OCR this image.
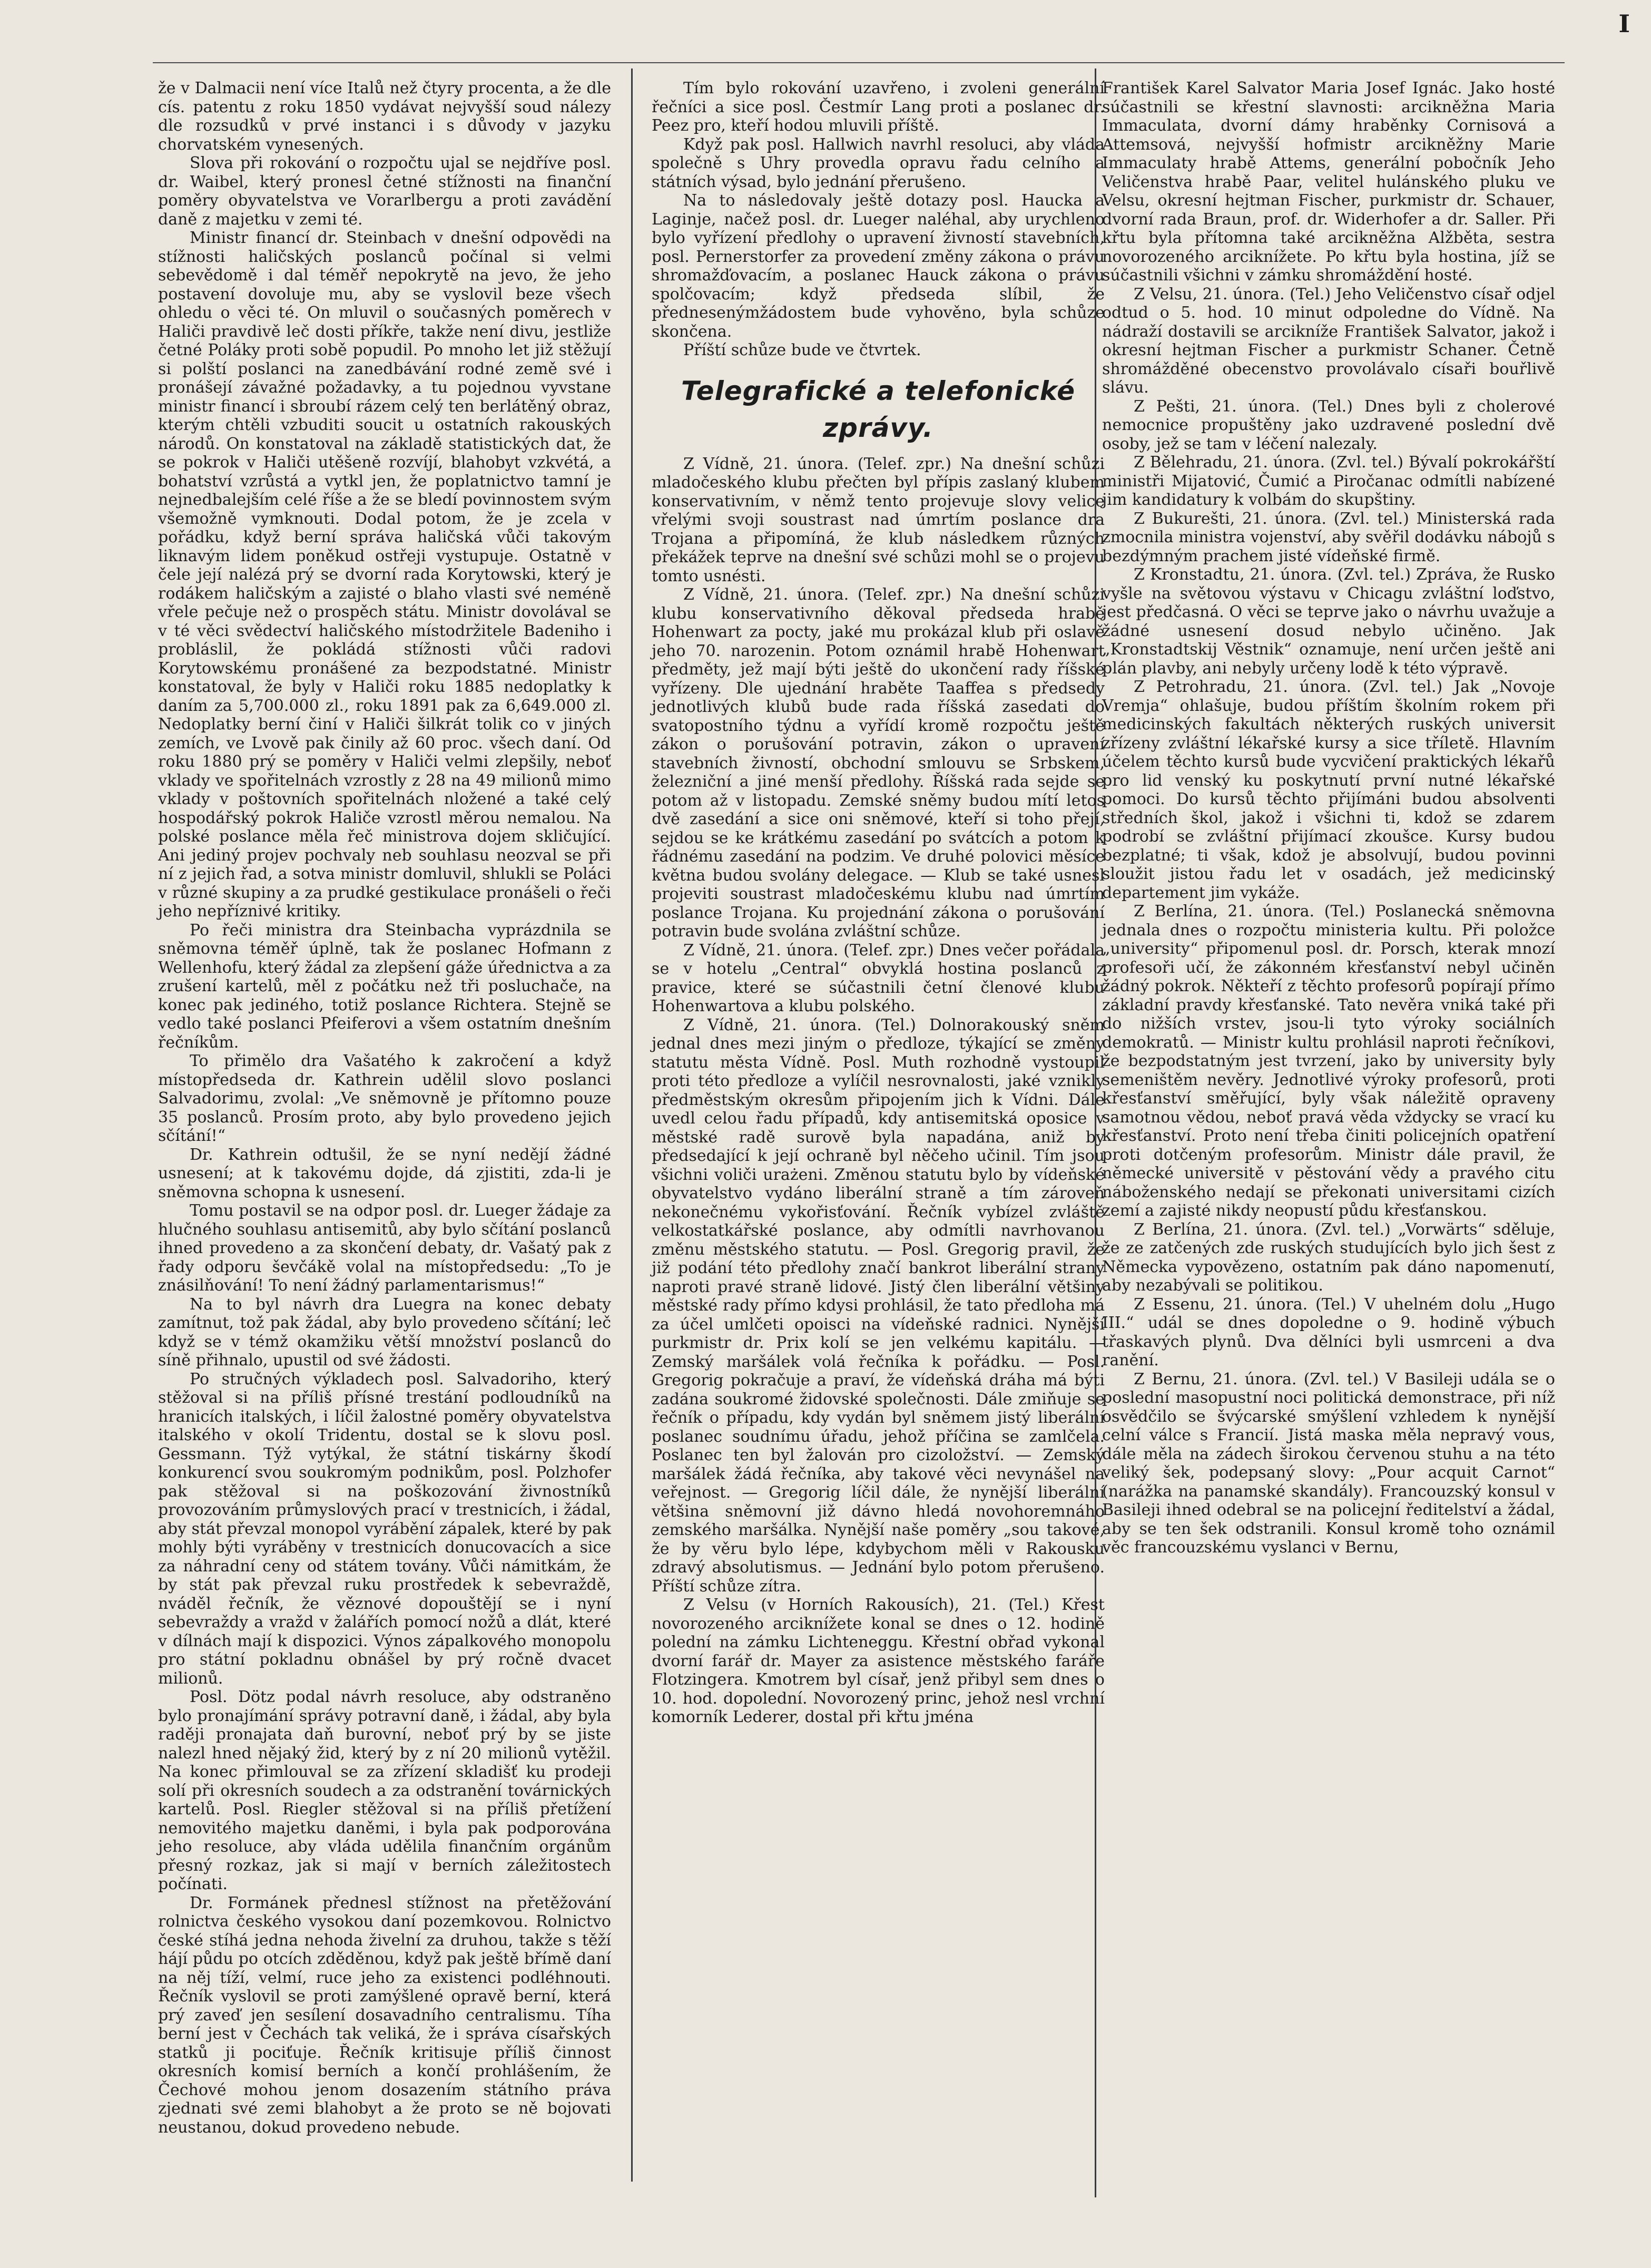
I

že v Dalmacii není více Italů než čtyry procenta, a že dle cís. patentu z roku 1850 vydávat nejvyšší soud nálezy dle rozsudků v prvé instanci i s důvody v jazyku chorvatském vynesených.

Slova při rokování o rozpočtu ujal se nejdříve posl. dr. Waibel, který pronesl četné stížnosti na finanční poměry obyvatelstva ve Vorarlbergu a proti zavádění daně z majetku v zemi té.

Ministr financí dr. Steinbach v dnešní odpovědi na stížnosti haličských poslanců počínal si velmi sebevědomě i dal téměř nepokrytě na jevo, že jeho postavení dovoluje mu, aby se vyslovil beze všech ohledu o věci té. On mluvil o současných poměrech v Haliči pravdivě leč dosti příkře, takže není divu, jestliže četné Poláky proti sobě popudil. Po mnoho let již stěžují si polští poslanci na zanedbávání rodné země své i pronášejí závažné požadavky, a tu pojednou vyvstane ministr financí i sbroubí rázem celý ten berlátěný obraz, kterým chtěli vzbuditi soucit u ostatních rakouských národů. On konstatoval na základě statistických dat, že se pokrok v Haliči utěšeně rozvíjí, blahobyt vzkvétá, a bohatství vzrůstá a vytkl jen, že poplatnictvo tamní je nejnedbalejším celé říše a že se bledí povinnostem svým všemožně vymknouti. Dodal potom, že je zcela v pořádku, když berní správa haličská vůči takovým liknavým lidem poněkud ostřeji vystupuje. Ostatně v čele její nalézá prý se dvorní rada Korytowski, který je rodákem haličským a zajisté o blaho vlasti své neméně vřele pečuje než o prospěch státu. Ministr dovolával se v té věci svědectví haličského místodržitele Badeniho i probláslil, že pokládá stížnosti vůči radovi Korytowskému pronášené za bezpodstatné. Ministr konstatoval, že byly v Haliči roku 1885 nedoplatky k daním za 5,700.000 zl., roku 1891 pak za 6,649.000 zl. Nedoplatky berní činí v Haliči šilkrát tolik co v jiných zemích, ve Lvově pak činily až 60 proc. všech daní. Od roku 1880 prý se poměry v Haliči velmi zlepšily, neboť vklady ve spořitelnách vzrostly z 28 na 49 milionů mimo vklady v poštovních spořitelnách nložené a také celý hospodářský pokrok Haliče vzrostl měrou nemalou. Na polské poslance měla řeč ministrova dojem skličující. Ani jediný projev pochvaly neb souhlasu neozval se při ní z jejich řad, a sotva ministr domluvil, shlukli se Poláci v různé skupiny a za prudké gestikulace pronášeli o řeči jeho nepříznivé kritiky.

Po řeči ministra dra Steinbacha vyprázdnila se sněmovna téměř úplně, tak že poslanec Hofmann z Wellenhofu, který žádal za zlepšení gáže úřednictva a za zrušení kartelů, měl z počátku než tři posluchače, na konec pak jediného, totiž poslance Richtera. Stejně se vedlo také poslanci Pfeiferovi a všem ostatním dnešním řečníkům.

To přimělo dra Vašatého k zakročení a když místopředseda dr. Kathrein udělil slovo poslanci Salvadorimu, zvolal: „Ve sněmovně je přítomno pouze 35 poslanců. Prosím proto, aby bylo provedeno jejich sčítání!“

Dr. Kathrein odtušil, že se nyní nedějí žádné usnesení; at k takovému dojde, dá zjistiti, zda-li je sněmovna schopna k usnesení.

Tomu postavil se na odpor posl. dr. Lueger žádaje za hlučného souhlasu antisemitů, aby bylo sčítání poslanců ihned provedeno a za skončení debaty, dr. Vašatý pak z řady odporu ševčákě volal na místopředsedu: „To je znásilňování! To není žádný parlamentarismus!“

Na to byl návrh dra Luegra na konec debaty zamítnut, tož pak žádal, aby bylo provedeno sčítání; leč když se v témž okamžiku větší množství poslanců do síně přihnalo, upustil od své žádosti.

Po stručných výkladech posl. Salvadoriho, který stěžoval si na příliš přísné trestání podloudníků na hranicích italských, i líčil žalostné poměry obyvatelstva italského v okolí Tridentu, dostal se k slovu posl. Gessmann. Týž vytýkal, že státní tiskárny škodí konkurencí svou soukromým podnikům, posl. Polzhofer pak stěžoval si na poškozování živnostníků provozováním průmyslových prací v trestnicích, i žádal, aby stát převzal monopol vyrábění zápalek, které by pak mohly býti vyráběny v trestnicích donucovacích a sice za náhradní ceny od státem továny. Vůči námitkám, že by stát pak převzal ruku prostředek k sebevraždě, nváděl řečník, že věznové dopouštějí se i nyní sebevraždy a vražd v žalářích pomocí nožů a dlát, které v dílnách mají k dispozici. Výnos zápalkového monopolu pro státní pokladnu obnášel by prý ročně dvacet milionů.

Posl. Dötz podal návrh resoluce, aby odstraněno bylo pronajímání správy potravní daně, i žádal, aby byla raději pronajata daň burovní, neboť prý by se jiste nalezl hned nějaký žid, který by z ní 20 milionů vytěžil. Na konec přimlouval se za zřízení skladišť ku prodeji solí při okresních soudech a za odstranění továrnických kartelů. Posl. Riegler stěžoval si na příliš přetížení nemovitého majetku daněmi, i byla pak podporována jeho resoluce, aby vláda udělila finančním orgánům přesný rozkaz, jak si mají v berních záležitostech počínati.

Dr. Formánek přednesl stížnost na přetěžování rolnictva českého vysokou daní pozemkovou. Rolnictvo české stíhá jedna nehoda živelní za druhou, takže s těží hájí půdu po otcích zděděnou, když pak ještě břímě daní na něj tíží, velmí, ruce jeho za existenci podléhnouti. Řečník vyslovil se proti zamýšlené opravě berní, která prý zaveď jen sesílení dosavadního centralismu. Tíha berní jest v Čechách tak veliká, že i správa císařských statků ji pociťuje. Řečník kritisuje příliš činnost okresních komisí berních a končí prohlášením, že Čechové mohou jenom dosazením státního práva zjednati své zemi blahobyt a že proto se ně bojovati neustanou, dokud provedeno nebude.

Tím bylo rokování uzavřeno, i zvoleni generální řečníci a sice posl. Čestmír Lang proti a poslanec dr. Peez pro, kteří hodou mluvili příště.

Když pak posl. Hallwich navrhl resoluci, aby vláda společně s Uhry provedla opravu řadu celního a státních výsad, bylo jednání přerušeno.

Na to následovaly ještě dotazy posl. Haucka a Laginje, načež posl. dr. Lueger naléhal, aby urychleno bylo vyřízení předlohy o upravení živností stavebních, posl. Pernerstorfer za provedení změny zákona o právu shromažďovacím, a poslanec Hauck zákona o právu spolčovacím; když předseda slíbil, že přednesenýmžádostem bude vyhověno, byla schůze skončena.

Příští schůze bude ve čtvrtek.

Telegrafické a telefonické zprávy.

Z Vídně, 21. února. (Telef. zpr.) Na dnešní schůzi mladočeského klubu přečten byl přípis zaslaný klubem konservativním, v němž tento projevuje slovy velice vřelými svoji soustrast nad úmrtím poslance dra Trojana a připomíná, že klub následkem různých překážek teprve na dnešní své schůzi mohl se o projevu tomto usnésti.

Z Vídně, 21. února. (Telef. zpr.) Na dnešní schůzi klubu konservativního děkoval předseda hrabě Hohenwart za pocty, jaké mu prokázal klub při oslavě jeho 70. narozenin. Potom oznámil hrabě Hohenwart předměty, jež mají býti ještě do ukončení rady říšské vyřízeny. Dle ujednání hraběte Taaffea s předsedy jednotlivých klubů bude rada říšská zasedati do svatopostního týdnu a vyřídí kromě rozpočtu ještě zákon o porušování potravin, zákon o upravení stavebních živností, obchodní smlouvu se Srbskem, železniční a jiné menší předlohy. Říšská rada sejde se potom až v listopadu. Zemské sněmy budou mítí letos dvě zasedání a sice oni sněmové, kteří si toho přejí, sejdou se ke krátkému zasedání po svátcích a potom k řádnému zasedání na podzim. Ve druhé polovici měsíce května budou svolány delegace. — Klub se také usnesl projeviti soustrast mladočeskému klubu nad úmrtím poslance Trojana. Ku projednání zákona o porušování potravin bude svolána zvláštní schůze.

Z Vídně, 21. února. (Telef. zpr.) Dnes večer pořádala se v hotelu „Central“ obvyklá hostina poslanců z pravice, které se súčastnili četní členové klubu Hohenwartova a klubu polského.

Z Vídně, 21. února. (Tel.) Dolnorakouský sněm jednal dnes mezi jiným o předloze, týkající se změny statutu města Vídně. Posl. Muth rozhodně vystoupil proti této předloze a vylíčil nesrovnalosti, jaké vznikly předměstským okresům připojením jich k Vídni. Dále uvedl celou řadu případů, kdy antisemitská oposice v městské radě surově byla napadána, aniž by předsedající k její ochraně byl něčeho učinil. Tím jsou všichni voliči urażeni. Změnou statutu bylo by vídeňské obyvatelstvo vydáno liberální straně a tím zároveň nekonečnému vykořisťování. Řečník vybízel zvláště velkostatkářské poslance, aby odmítli navrhovanou změnu městského statutu. — Posl. Gregorig pravil, že již podání této předlohy značí bankrot liberální strany naproti pravé straně lidové. Jistý člen liberální většiny městské rady přímo kdysi prohlásil, že tato předloha má za účel umlčeti opoisci na vídeňské radnici. Nynější purkmistr dr. Prix kolí se jen velkému kapitálu. — Zemský maršálek volá řečníka k pořádku. — Posl. Gregorig pokračuje a praví, že vídeňská dráha má býti zadána soukromé židovské společnosti. Dále zmiňuje se řečník o případu, kdy vydán byl sněmem jistý liberální poslanec soudnímu úřadu, jehož příčina se zamlčela. Poslanec ten byl žalován pro cizoložství. — Zemský maršálek žádá řečníka, aby takové věci nevynášel na veřejnost. — Gregorig líčil dále, že nynější liberální většina sněmovní již dávno hledá novohoremnáho zemského maršálka. Nynější naše poměry „sou takové, že by věru bylo lépe, kdybychom měli v Rakousku zdravý absolutismus. — Jednání bylo potom přerušeno. Příští schůze zítra.

Z Velsu (v Horních Rakousích), 21. (Tel.) Křest novorozeného arciknížete konal se dnes o 12. hodině polední na zámku Lichteneggu. Křestní obřad vykonal dvorní farář dr. Mayer za asistence městského faráře Flotzingera. Kmotrem byl císař, jenž přibyl sem dnes o 10. hod. dopolední. Novorozený princ, jehož nesl vrchní komorník Lederer, dostal při křtu jména

František Karel Salvator Maria Josef Ignác. Jako hosté súčastnili se křestní slavnosti: arcikněžna Maria Immaculata, dvorní dámy hraběnky Cornisová a Attemsová, nejvyšší hofmistr arcikněžny Marie Immaculaty hrabě Attems, generální pobočník Jeho Veličenstva hrabě Paar, velitel hulánského pluku ve Velsu, okresní hejtman Fischer, purkmistr dr. Schauer, dvorní rada Braun, prof. dr. Widerhofer a dr. Saller. Při křtu byla přítomna také arcikněžna Alžběta, sestra novorozeného arciknížete. Po křtu byla hostina, jíž se súčastnili všichni v zámku shromáždění hosté.

Z Velsu, 21. února. (Tel.) Jeho Veličenstvo císař odjel odtud o 5. hod. 10 minut odpoledne do Vídně. Na nádraží dostavili se arciknížе František Salvator, jakož i okresní hejtman Fischer a purkmistr Schaner. Četně shromážděné obecenstvo provolávalo císaři bouřlivě slávu.

Z Pešti, 21. února. (Tel.) Dnes byli z cholerové nemocnice propuštěny jako uzdravené poslední dvě osoby, jež se tam v léčení nalezaly.

Z Bělehradu, 21. února. (Zvl. tel.) Bývalí pokrokářští ministři Mijatović, Čumić a Piročanac odmítli nabízené jim kandidatury k volbám do skupštiny.

Z Bukurešti, 21. února. (Zvl. tel.) Ministerská rada zmocnila ministra vojenství, aby svěřil dodávku nábojů s bezdýmným prachem jisté vídeňské firmě.

Z Kronstadtu, 21. února. (Zvl. tel.) Zpráva, že Rusko vyšle na světovou výstavu v Chicagu zvláštní loďstvo, jest předčasná. O věci se teprve jako o návrhu uvažuje a žádné usnesení dosud nebylo učiněno. Jak „Kronstadtskij Věstnik“ oznamuje, není určen ještě ani plán plavby, ani nebyly určeny lodě k této výpravě.

Z Petrohradu, 21. února. (Zvl. tel.) Jak „Novoje Vremja“ ohlašuje, budou příštím školním rokem při medicinských fakultách některých ruských universit zřízeny zvláštní lékařské kursy a sice tříletě. Hlavním účelem těchto kursů bude vycvičení praktických lékařů pro lid venský ku poskytnutí první nutné lékařské pomoci. Do kursů těchto přijímáni budou absolventi středních škol, jakož i všichni ti, kdož se zdarem podrobí se zvláštní přijímací zkoušce. Kursy budou bezplatné; ti však, kdož je absolvují, budou povinni sloužit jistou řadu let v osadách, jež medicinský departement jim vykáže.

Z Berlína, 21. února. (Tel.) Poslanecká sněmovna jednala dnes o rozpočtu ministeria kultu. Při položce „university“ připomenul posl. dr. Porsch, kterak mnozí profesoři učí, že zákonném křesťanství nebyl učiněn žádný pokrok. Někteří z těchto profesorů popírají přímo základní pravdy křesťanské. Tato nevěra vniká také při do nižších vrstev, jsou-li tyto výroky sociálních demokratů. — Ministr kultu prohlásil naproti řečníkovi, že bezpodstatným jest tvrzení, jako by university byly semeništěm nevěry. Jednotlivé výroky profesorů, proti křesťanství směřující, byly však náležitě opraveny samotnou vědou, neboť pravá věda vždycky se vrací ku křesťanství. Proto není třeba činiti policejních opatření proti dotčeným profesorům. Ministr dále pravil, že německé universitě v pěstování vědy a pravého citu náboženského nedají se překonati universitami cizích zemí a zajisté nikdy neopustí půdu křesťanskou.

Z Berlína, 21. února. (Zvl. tel.) „Vorwärts“ sděluje, že ze zatčených zde ruských studujících bylo jich šest z Německa vypovězeno, ostatním pak dáno napomenutí, aby nezabývali se politikou.

Z Essenu, 21. února. (Tel.) V uhelném dolu „Hugo III.“ udál se dnes dopoledne o 9. hodině výbuch třaskavých plynů. Dva dělníci byli usmrceni a dva ranění.

Z Bernu, 21. února. (Zvl. tel.) V Basileji udála se o poslední masopustní noci politická demonstrace, při níž osvědčilo se švýcarské smýšlení vzhledem k nynější celní válce s Francií. Jistá maska měla nepravý vous, dále měla na zádech širokou červenou stuhu a na této veliký šek, podepsaný slovy: „Pour acquit Carnot“ (narážka na panamské skandály). Francouzský konsul v Basileji ihned odebral se na policejní ředitelství a žádal, aby se ten šek odstranili. Konsul kromě toho oznámil věc francouzskému vyslanci v Bernu,
